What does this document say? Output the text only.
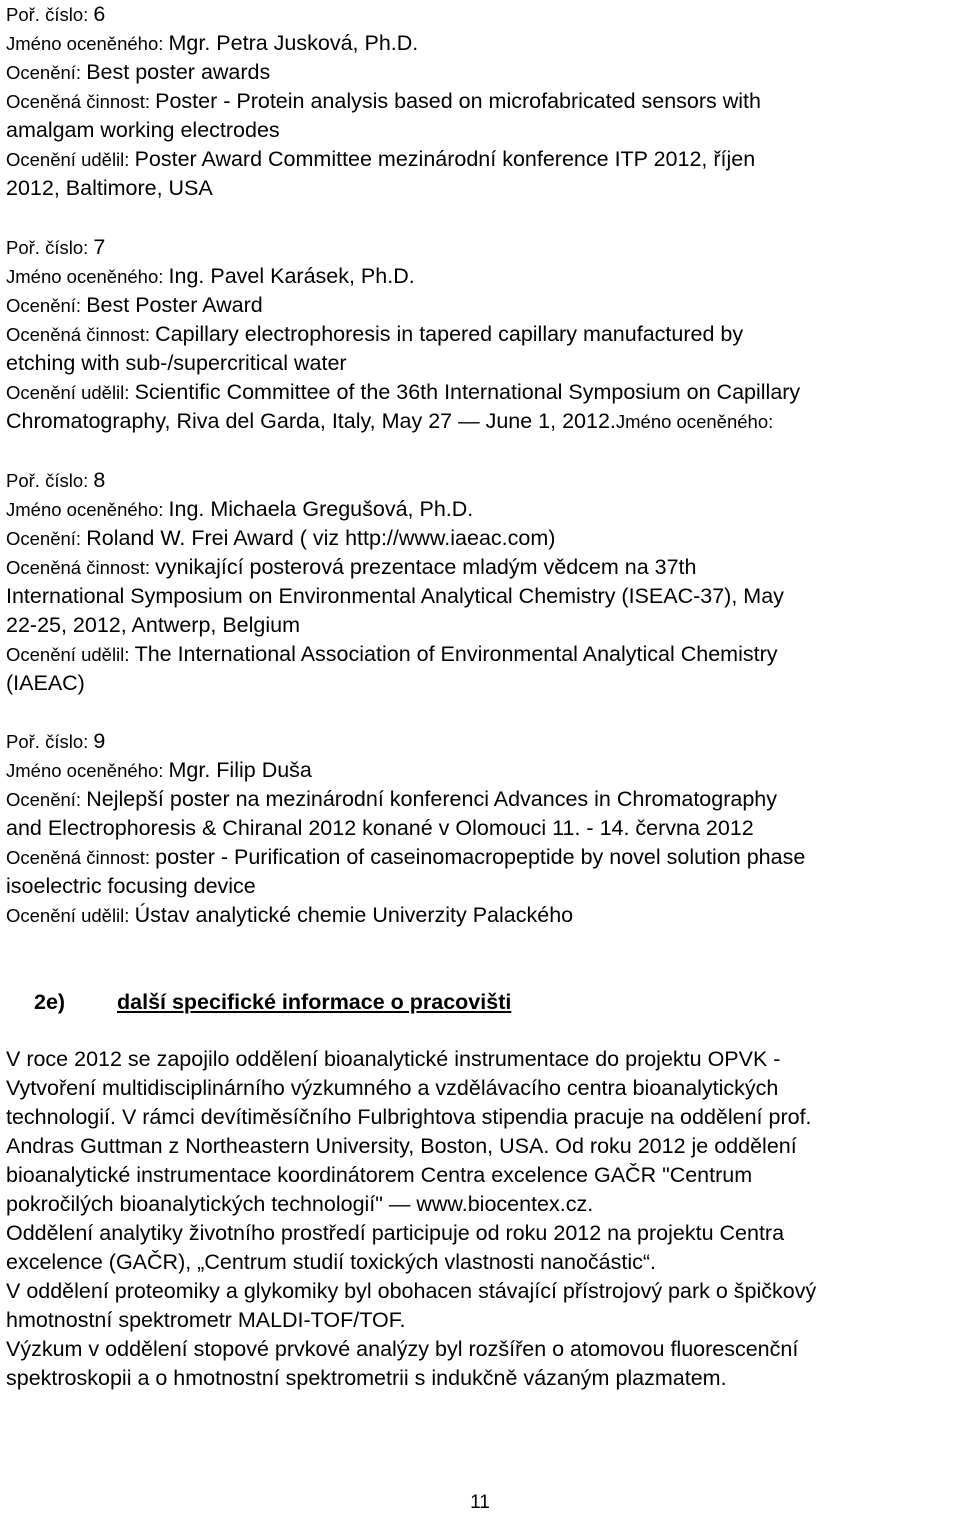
Poř. číslo: 6
Jméno oceněného: Mgr. Petra Jusková, Ph.D.
Ocenění: Best poster awards
Oceněná činnost: Poster - Protein analysis based on microfabricated sensors with
amalgam working electrodes
Ocenění udělil: Poster Award Committee mezinárodní konference ITP 2012, říjen
2012, Baltimore, USA
Poř. číslo: 7
Jméno oceněného: Ing. Pavel Karásek, Ph.D.
Ocenění: Best Poster Award
Oceněná činnost: Capillary electrophoresis in tapered capillary manufactured by
etching with sub-/supercritical water
Ocenění udělil: Scientific Committee of the 36th International Symposium on Capillary
Chromatography, Riva del Garda, Italy, May 27 — June 1, 2012.Jméno oceněného:
Poř. číslo: 8
Jméno oceněného: Ing. Michaela Gregušová, Ph.D.
Ocenění: Roland W. Frei Award ( viz http://www.iaeac.com)
Oceněná činnost: vynikající posterová prezentace mladým vědcem na 37th
International Symposium on Environmental Analytical Chemistry (ISEAC-37), May
22-25, 2012, Antwerp, Belgium
Ocenění udělil: The International Association of Environmental Analytical Chemistry
(IAEAC)
Poř. číslo: 9
Jméno oceněného: Mgr. Filip Duša
Ocenění: Nejlepší poster na mezinárodní konferenci Advances in Chromatography
and Electrophoresis & Chiranal 2012 konané v Olomouci 11. - 14. června 2012
Oceněná činnost: poster - Purification of caseinomacropeptide by novel solution phase
isoelectric focusing device
Ocenění udělil: Ústav analytické chemie Univerzity Palackého
V roce 2012 se zapojilo oddělení bioanalytické instrumentace do projektu OPVK -
Vytvoření multidisciplinárního výzkumného a vzdělávacího centra bioanalytických
technologií. V rámci devítiměsíčního Fulbrightova stipendia pracuje na oddělení prof.
Andras Guttman z Northeastern University, Boston, USA. Od roku 2012 je oddělení
bioanalytické instrumentace koordinátorem Centra excelence GAČR "Centrum
pokročilých bioanalytických technologií" — www.biocentex.cz.
Oddělení analytiky životního prostředí participuje od roku 2012 na projektu Centra
excelence (GAČR), „Centrum studií toxických vlastnosti nanočástic“.
V oddělení proteomiky a glykomiky byl obohacen stávající přístrojový park o špičkový
hmotnostní spektrometr MALDI-TOF/TOF.
Výzkum v oddělení stopové prvkové analýzy byl rozšířen o atomovou fluorescenční
spektroskopii a o hmotnostní spektrometrii s indukčně vázaným plazmatem.
2e) další specifické informace o pracovišti
11
